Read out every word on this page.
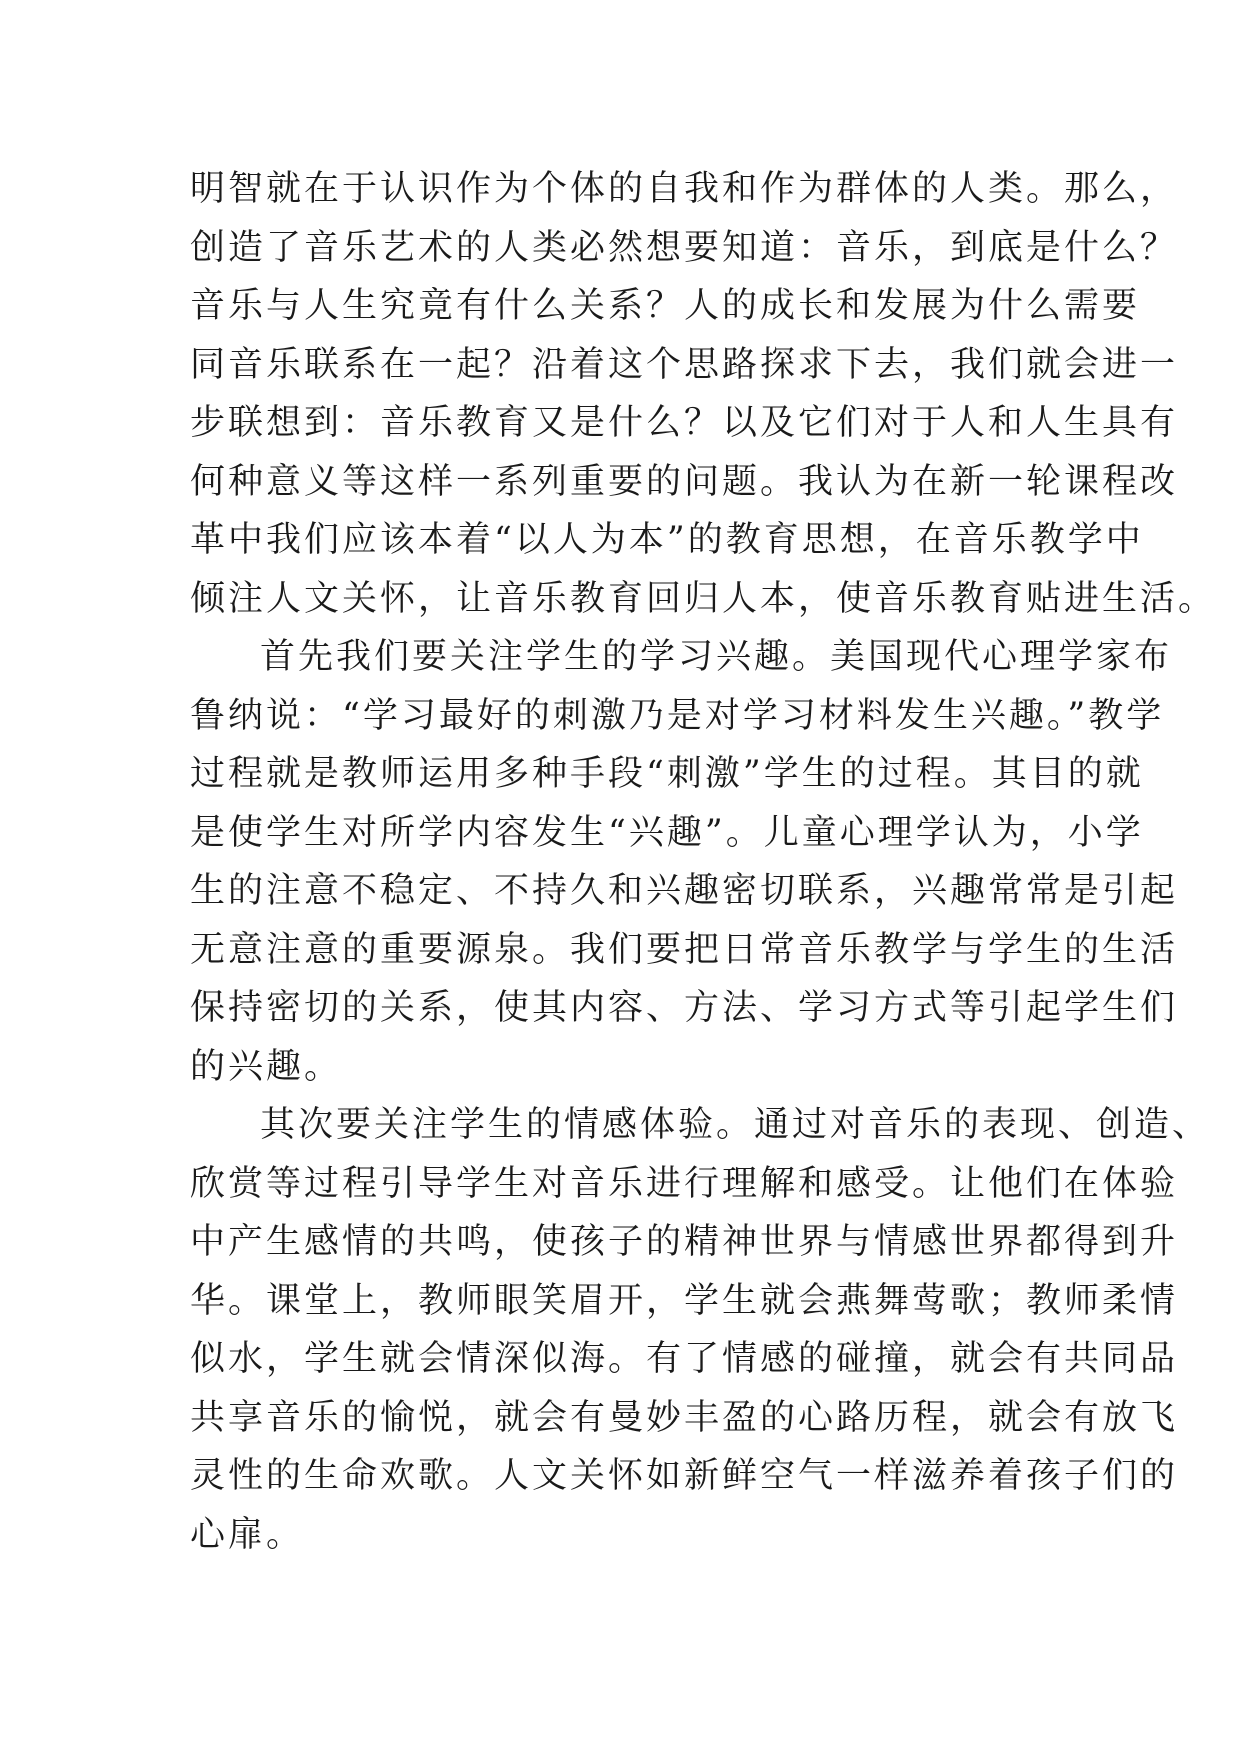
明智就在于认识作为个体的自我和作为群体的人类。那么，
创造了音乐艺术的人类必然想要知道：音乐，到底是什么？
音乐与人生究竟有什么关系？人的成长和发展为什么需要
同音乐联系在一起？沿着这个思路探求下去，我们就会进一
步联想到：音乐教育又是什么？以及它们对于人和人生具有
何种意义等这样一系列重要的问题。我认为在新一轮课程改
革中我们应该本着“以人为本”的教育思想，在音乐教学中
倾注人文关怀，让音乐教育回归人本，使音乐教育贴进生活。
首先我们要关注学生的学习兴趣。美国现代心理学家布
鲁纳说：“学习最好的刺激乃是对学习材料发生兴趣。”教学
过程就是教师运用多种手段“刺激”学生的过程。其目的就
是使学生对所学内容发生“兴趣”。儿童心理学认为，小学
生的注意不稳定、不持久和兴趣密切联系，兴趣常常是引起
无意注意的重要源泉。我们要把日常音乐教学与学生的生活
保持密切的关系，使其内容、方法、学习方式等引起学生们
的兴趣。
其次要关注学生的情感体验。通过对音乐的表现、创造、
欣赏等过程引导学生对音乐进行理解和感受。让他们在体验
中产生感情的共鸣，使孩子的精神世界与情感世界都得到升
华。课堂上，教师眼笑眉开，学生就会燕舞莺歌；教师柔情
似水，学生就会情深似海。有了情感的碰撞，就会有共同品
共享音乐的愉悦，就会有曼妙丰盈的心路历程，就会有放飞
灵性的生命欢歌。人文关怀如新鲜空气一样滋养着孩子们的
心扉。
